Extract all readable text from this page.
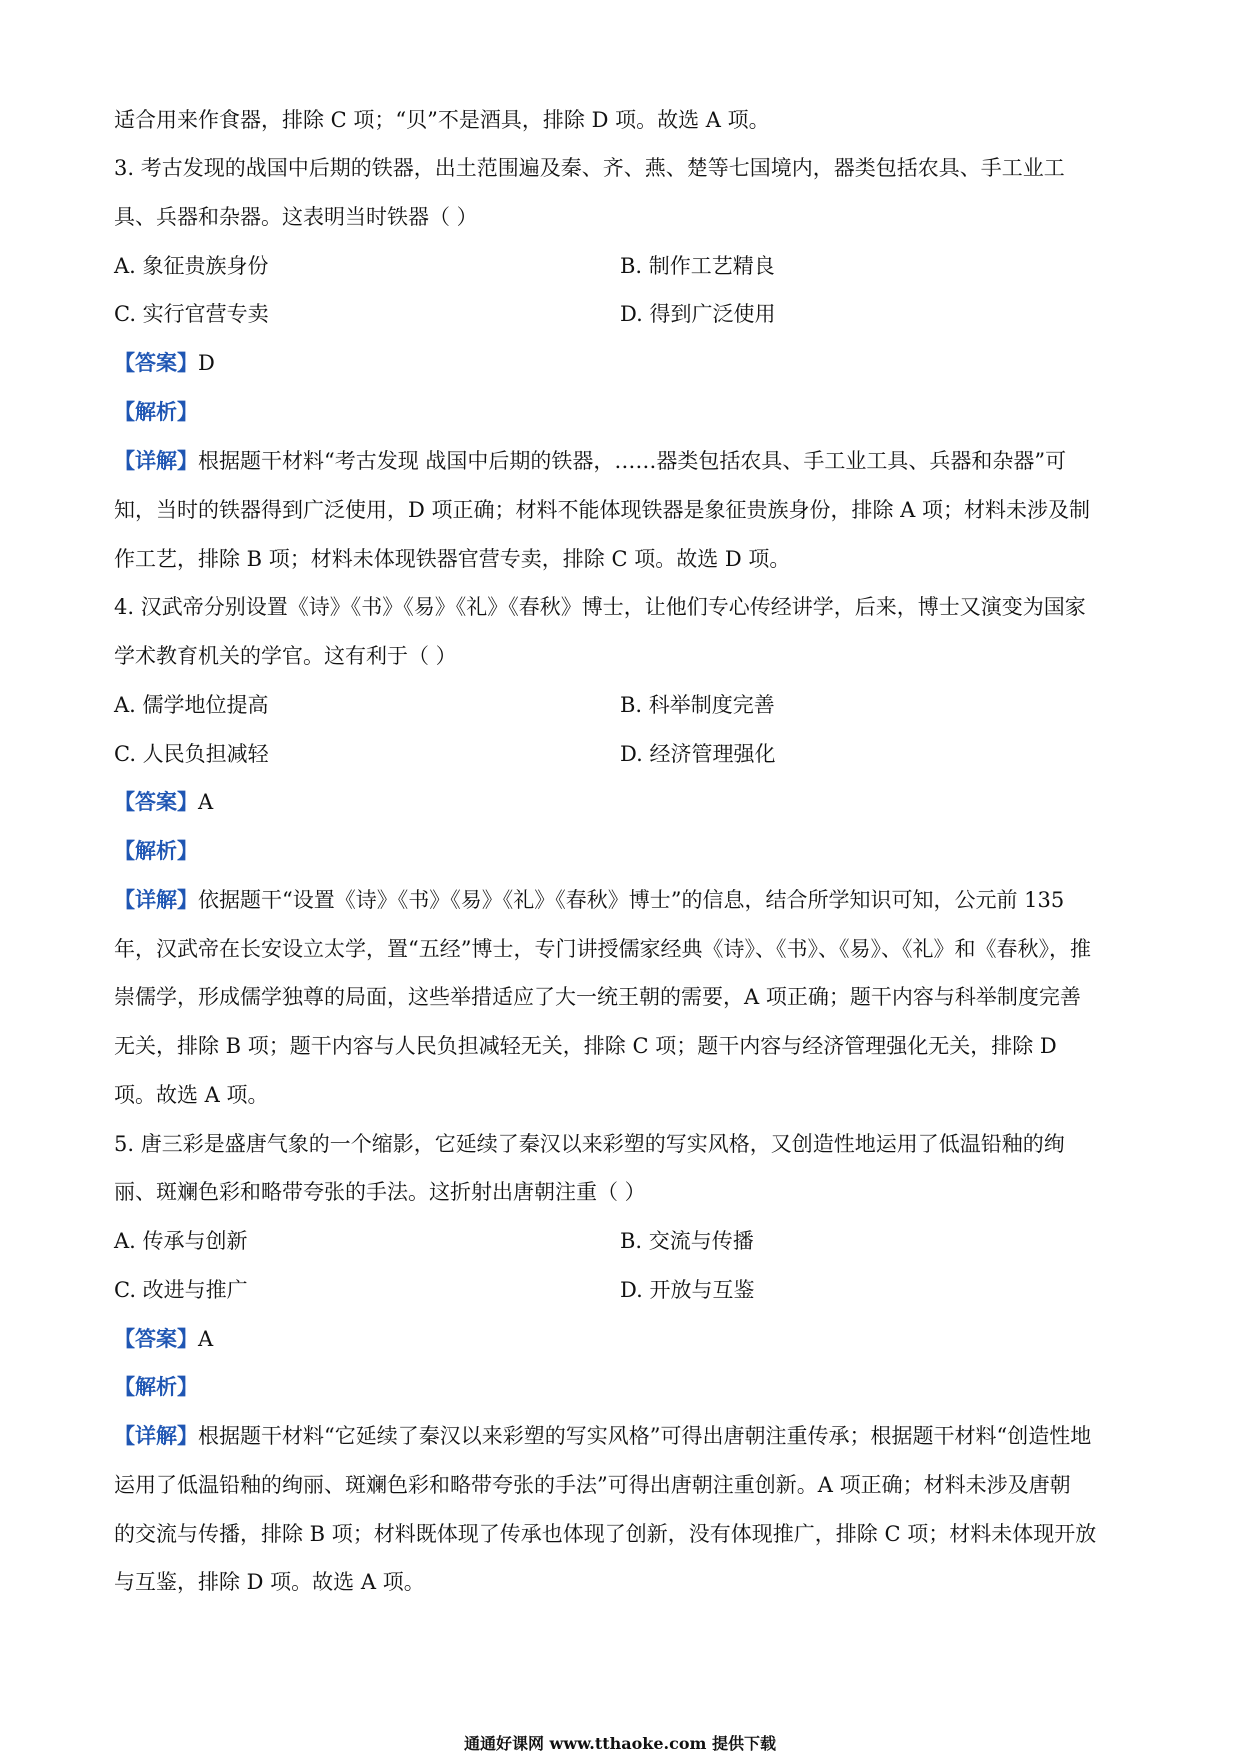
适合用来作食器，排除 C 项；“贝”不是酒具，排除 D 项。故选 A 项。
3. 考古发现的战国中后期的铁器，出土范围遍及秦、齐、燕、楚等七国境内，器类包括农具、手工业工
具、兵器和杂器。这表明当时铁器（ ）
A. 象征贵族身份	B. 制作工艺精良
C. 实行官营专卖	D. 得到广泛使用
【答案】D
【解析】
【详解】根据题干材料“考古发现 战国中后期的铁器，……器类包括农具、手工业工具、兵器和杂器”可
知，当时的铁器得到广泛使用，D 项正确；材料不能体现铁器是象征贵族身份，排除 A 项；材料未涉及制
作工艺，排除 B 项；材料未体现铁器官营专卖，排除 C 项。故选 D 项。
4. 汉武帝分别设置《诗》《书》《易》《礼》《春秋》博士，让他们专心传经讲学，后来，博士又演变为国家
学术教育机关的学官。这有利于（ ）
A. 儒学地位提高	B. 科举制度完善
C. 人民负担减轻	D. 经济管理强化
【答案】A
【解析】
【详解】依据题干“设置《诗》《书》《易》《礼》《春秋》博士”的信息，结合所学知识可知，公元前 135
年，汉武帝在长安设立太学，置“五经”博士，专门讲授儒家经典《诗》、《书》、《易》、《礼》和《春秋》，推
崇儒学，形成儒学独尊的局面，这些举措适应了大一统王朝的需要，A 项正确；题干内容与科举制度完善
无关，排除 B 项；题干内容与人民负担减轻无关，排除 C 项；题干内容与经济管理强化无关，排除 D
项。故选 A 项。
5. 唐三彩是盛唐气象的一个缩影，它延续了秦汉以来彩塑的写实风格，又创造性地运用了低温铅釉的绚
丽、斑斓色彩和略带夸张的手法。这折射出唐朝注重（ ）
A. 传承与创新	B. 交流与传播
C. 改进与推广	D. 开放与互鉴
【答案】A
【解析】
【详解】根据题干材料“它延续了秦汉以来彩塑的写实风格”可得出唐朝注重传承；根据题干材料“创造性地
运用了低温铅釉的绚丽、斑斓色彩和略带夸张的手法”可得出唐朝注重创新。A 项正确；材料未涉及唐朝
的交流与传播，排除 B 项；材料既体现了传承也体现了创新，没有体现推广，排除 C 项；材料未体现开放
与互鉴，排除 D 项。故选 A 项。
通通好课网 www.tthaoke.com 提供下载
